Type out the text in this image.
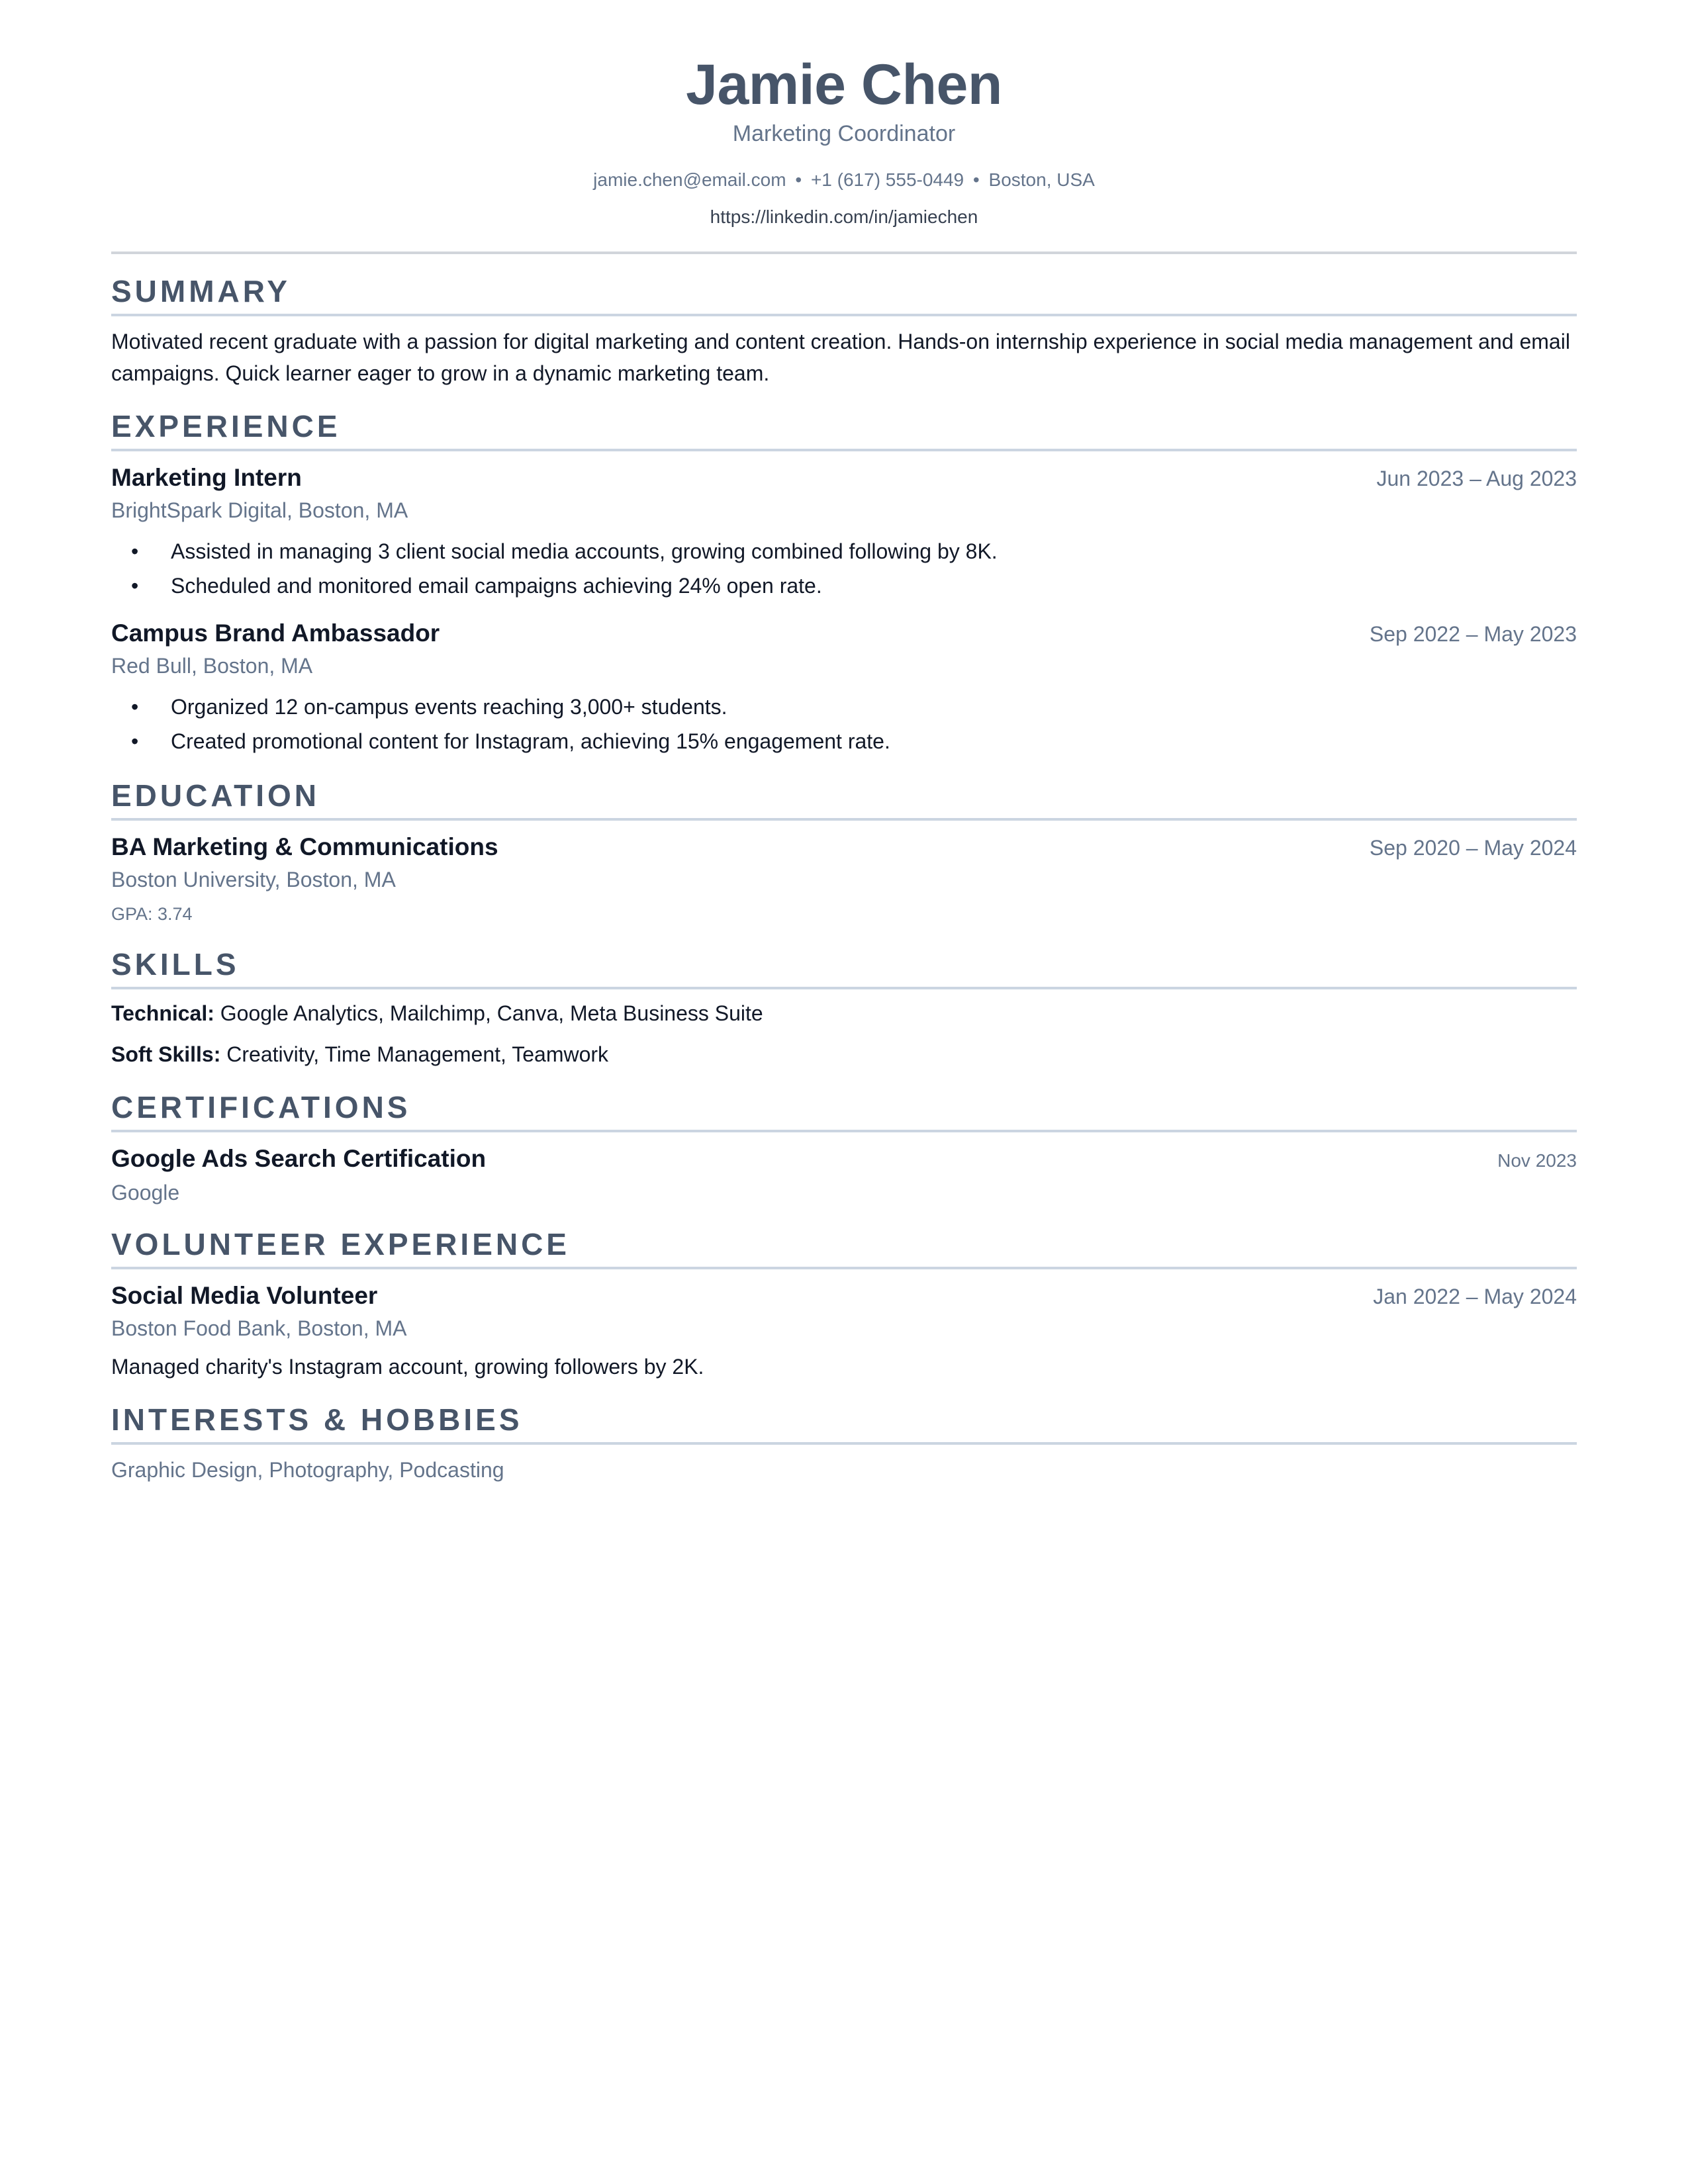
Jamie Chen
Marketing Coordinator
jamie.chen@email.com • +1 (617) 555-0449 • Boston, USA
https://linkedin.com/in/jamiechen
SUMMARY
Motivated recent graduate with a passion for digital marketing and content creation. Hands-on internship experience in social media management and email campaigns. Quick learner eager to grow in a dynamic marketing team.
EXPERIENCE
Marketing Intern	Jun 2023 – Aug 2023
BrightSpark Digital, Boston, MA
• Assisted in managing 3 client social media accounts, growing combined following by 8K.
• Scheduled and monitored email campaigns achieving 24% open rate.
Campus Brand Ambassador	Sep 2022 – May 2023
Red Bull, Boston, MA
• Organized 12 on-campus events reaching 3,000+ students.
• Created promotional content for Instagram, achieving 15% engagement rate.
EDUCATION
BA Marketing & Communications	Sep 2020 – May 2024
Boston University, Boston, MA
GPA: 3.74
SKILLS
Technical: Google Analytics, Mailchimp, Canva, Meta Business Suite
Soft Skills: Creativity, Time Management, Teamwork
CERTIFICATIONS
Google Ads Search Certification	Nov 2023
Google
VOLUNTEER EXPERIENCE
Social Media Volunteer	Jan 2022 – May 2024
Boston Food Bank, Boston, MA
Managed charity's Instagram account, growing followers by 2K.
INTERESTS & HOBBIES
Graphic Design, Photography, Podcasting
